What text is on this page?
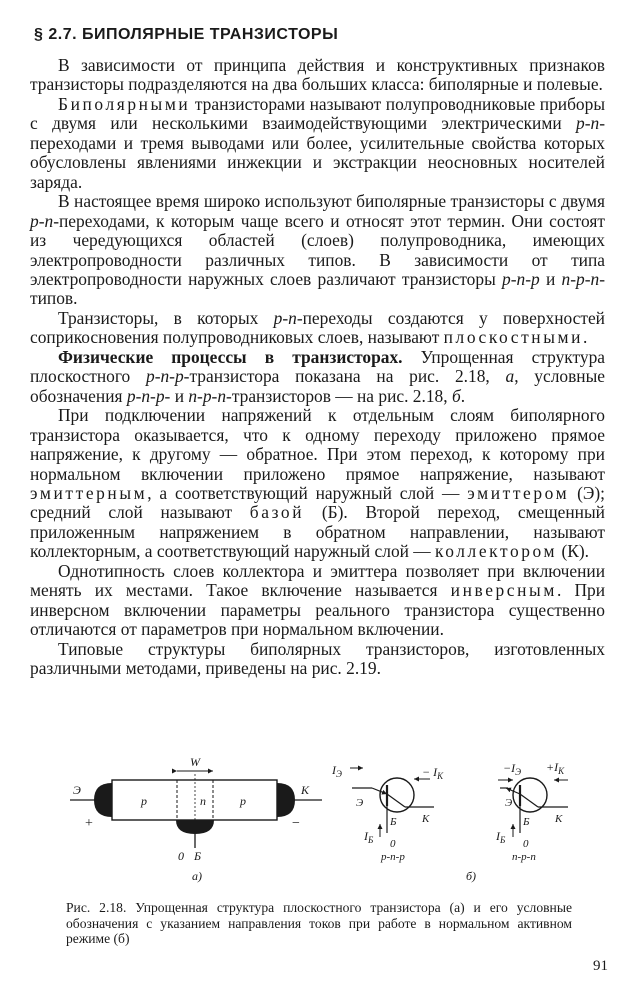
§ 2.7. БИПОЛЯРНЫЕ ТРАНЗИСТОРЫ

В зависимости от принципа действия и конструктивных признаков транзисторы подразделяются на два больших класса: биполярные и полевые.

Биполярными транзисторами называют полупроводниковые приборы с двумя или несколькими взаимодействующими электрическими p-n-переходами и тремя выводами или более, усилительные свойства которых обусловлены явлениями инжекции и экстракции неосновных носителей заряда.

В настоящее время широко используют биполярные транзисторы с двумя p-n-переходами, к которым чаще всего и относят этот термин. Они состоят из чередующихся областей (слоев) полупроводника, имеющих электропроводности различных типов. В зависимости от типа электропроводности наружных слоев различают транзисторы p-n-p и n-p-n-типов.

Транзисторы, в которых p-n-переходы создаются у поверхностей соприкосновения полупроводниковых слоев, называют плоскостными.

Физические процессы в транзисторах. Упрощенная структура плоскостного p-n-p-транзистора показана на рис. 2.18, а, условные обозначения p-n-p- и n-p-n-транзисторов — на рис. 2.18, б.

При подключении напряжений к отдельным слоям биполярного транзистора оказывается, что к одному переходу приложено прямое напряжение, к другому — обратное. При этом переход, к которому при нормальном включении приложено прямое напряжение, называют эмиттерным, а соответствующий наружный слой — эмиттером (Э); средний слой называют базой (Б). Второй переход, смещенный приложенным напряжением в обратном направлении, называют коллекторным, а соответствующий наружный слой — коллектором (К).

Однотипность слоев коллектора и эмиттера позволяет при включении менять их местами. Такое включение называется инверсным. При инверсном включении параметры реального транзистора существенно отличаются от параметров при нормальном включении.

Типовые структуры биполярных транзисторов, изготовленных различными методами, приведены на рис. 2.19.

W
Э	К
+	−
p	n	p
0 Б
а)
$I_Э$	− $I_К$
Э
К
Б
$I_Б$ 0
p-n-p
$-I_Э +I_К$
Э
К
Б
$I_Б$ 0
n-p-n
б)

Рис. 2.18. Упрощенная структура плоскостного транзистора (а) и его условные обозначения с указанием направления токов при работе в нормальном активном режиме (б)

91
